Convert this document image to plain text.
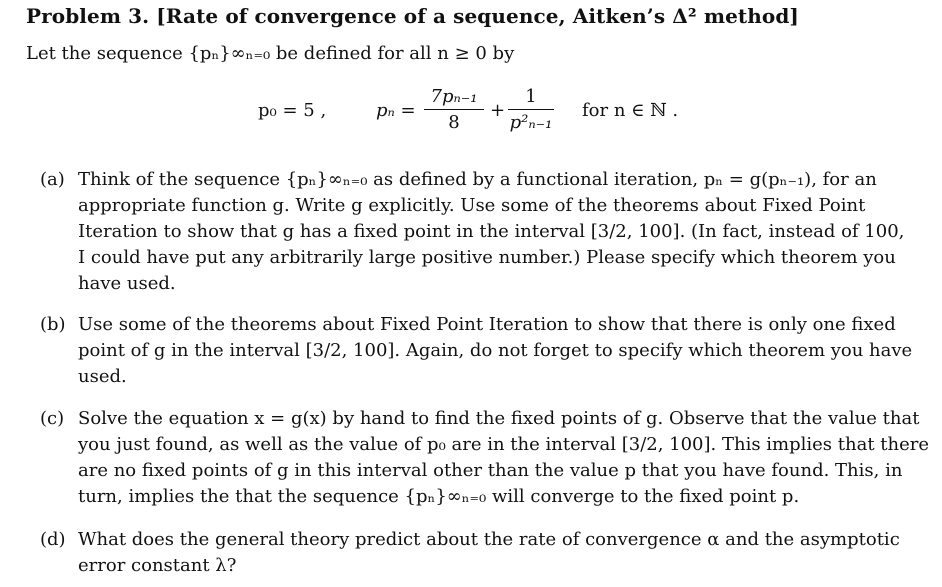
Problem 3. [Rate of convergence of a sequence, Aitken’s Δ² method]
Let the sequence {pₙ}∞ₙ₌₀ be defined for all n ≥ 0 by
p₀ = 5 ,	pₙ =
7pₙ₋₁
8
+
1
p²ₙ₋₁
for n ∈ ℕ .
(a) Think of the sequence {pₙ}∞ₙ₌₀ as defined by a functional iteration, pₙ = g(pₙ₋₁), for an
appropriate function g. Write g explicitly. Use some of the theorems about Fixed Point
Iteration to show that g has a fixed point in the interval [3/2, 100]. (In fact, instead of 100,
I could have put any arbitrarily large positive number.) Please specify which theorem you
have used.
(b) Use some of the theorems about Fixed Point Iteration to show that there is only one fixed
point of g in the interval [3/2, 100]. Again, do not forget to specify which theorem you have
used.
(c) Solve the equation x = g(x) by hand to find the fixed points of g. Observe that the value that
you just found, as well as the value of p₀ are in the interval [3/2, 100]. This implies that there
are no fixed points of g in this interval other than the value p that you have found. This, in
turn, implies the that the sequence {pₙ}∞ₙ₌₀ will converge to the fixed point p.
(d) What does the general theory predict about the rate of convergence α and the asymptotic
error constant λ?
